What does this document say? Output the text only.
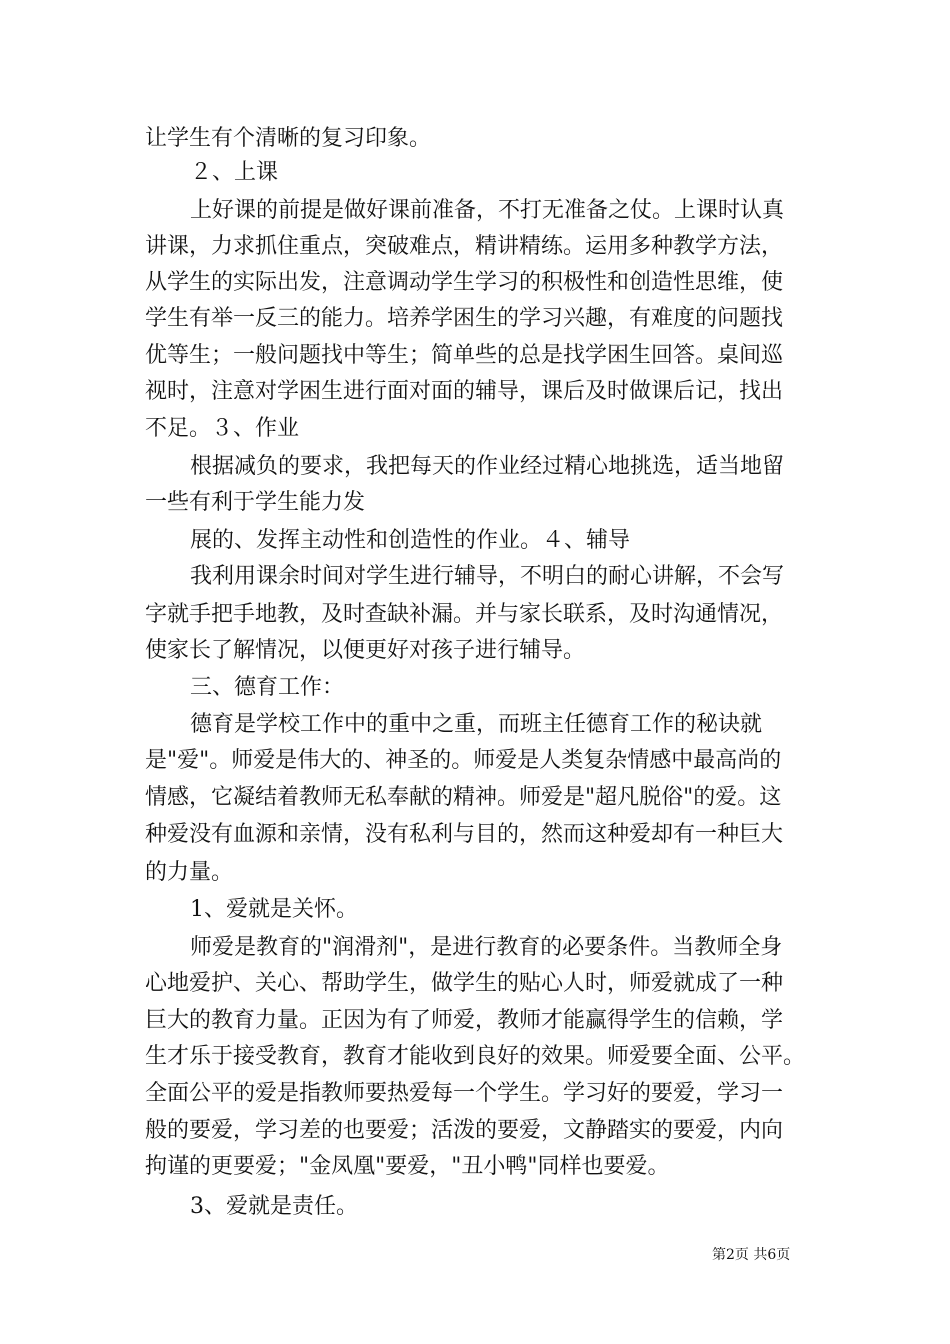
让学生有个清晰的复习印象。
２、上课
上好课的前提是做好课前准备，不打无准备之仗。上课时认真
讲课，力求抓住重点，突破难点，精讲精练。运用多种教学方法，
从学生的实际出发，注意调动学生学习的积极性和创造性思维，使
学生有举一反三的能力。培养学困生的学习兴趣，有难度的问题找
优等生；一般问题找中等生；简单些的总是找学困生回答。桌间巡
视时，注意对学困生进行面对面的辅导，课后及时做课后记，找出
不足。３、作业
根据减负的要求，我把每天的作业经过精心地挑选，适当地留
一些有利于学生能力发
展的、发挥主动性和创造性的作业。４、辅导
我利用课余时间对学生进行辅导，不明白的耐心讲解，不会写
字就手把手地教，及时查缺补漏。并与家长联系，及时沟通情况，
使家长了解情况，以便更好对孩子进行辅导。
三、德育工作：
德育是学校工作中的重中之重，而班主任德育工作的秘诀就
是"爱"。师爱是伟大的、神圣的。师爱是人类复杂情感中最高尚的
情感，它凝结着教师无私奉献的精神。师爱是"超凡脱俗"的爱。这
种爱没有血源和亲情，没有私利与目的，然而这种爱却有一种巨大
的力量。
1、爱就是关怀。
师爱是教育的"润滑剂"，是进行教育的必要条件。当教师全身
心地爱护、关心、帮助学生，做学生的贴心人时，师爱就成了一种
巨大的教育力量。正因为有了师爱，教师才能赢得学生的信赖，学
生才乐于接受教育，教育才能收到良好的效果。师爱要全面、公平。
全面公平的爱是指教师要热爱每一个学生。学习好的要爱，学习一
般的要爱，学习差的也要爱；活泼的要爱，文静踏实的要爱，内向
拘谨的更要爱；"金凤凰"要爱，"丑小鸭"同样也要爱。
3、爱就是责任。
第2页 共6页
